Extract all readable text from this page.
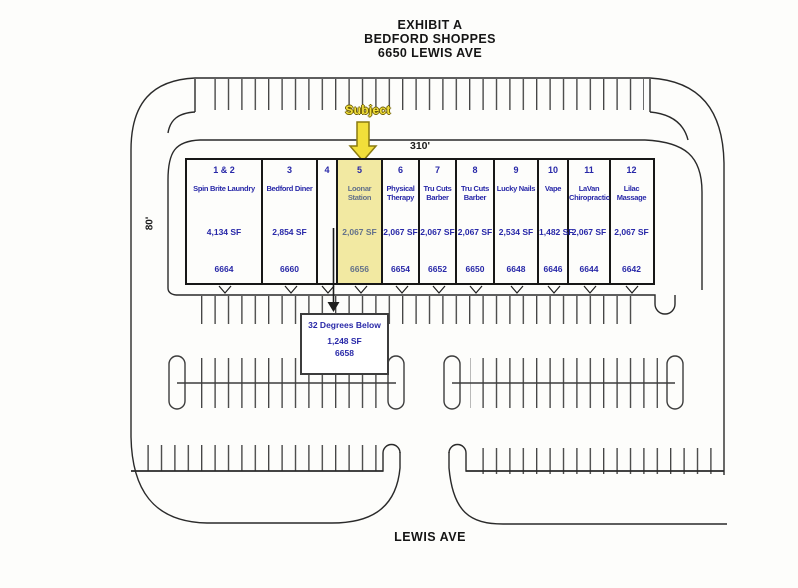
EXHIBIT A
BEDFORD SHOPPES
6650 LEWIS AVE
Subject
310'
80'
LEWIS AVE
1 & 2
Spin Brite Laundry
4,134 SF
6664
3
Bedford Diner
2,854 SF
6660
4	5
Loonar Station
2,067 SF
6656
6
Physical Therapy
2,067 SF
6654
7
Tru Cuts Barber
2,067 SF
6652
8
Tru Cuts Barber
2,067 SF
6650
9
Lucky Nails
2,534 SF
6648
10
Vape
1,482 SF
6646
11
LaVan Chiropractic
2,067 SF
6644
12
Lilac Massage
2,067 SF
6642
32 Degrees Below
1,248 SF
6658
